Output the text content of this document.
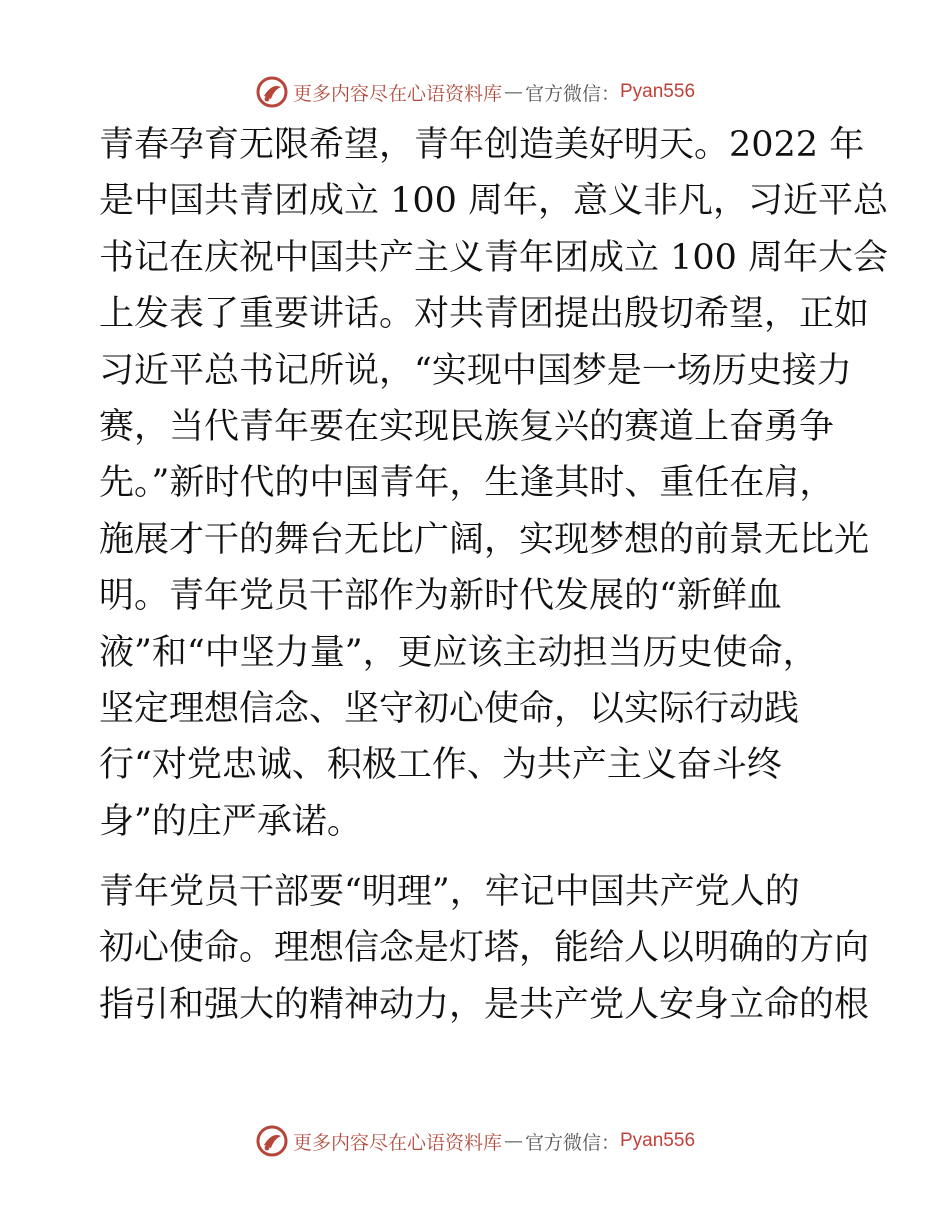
更多内容尽在心语资料库 — 官方微信： Pyan556
青春孕育无限希望，青年创造美好明天。2022 年
是中国共青团成立 100 周年，意义非凡，习近平总
书记在庆祝中国共产主义青年团成立 100 周年大会
上发表了重要讲话。对共青团提出殷切希望，正如
习近平总书记所说，“实现中国梦是一场历史接力
赛，当代青年要在实现民族复兴的赛道上奋勇争
先。”新时代的中国青年，生逢其时、重任在肩，
施展才干的舞台无比广阔，实现梦想的前景无比光
明。青年党员干部作为新时代发展的“新鲜血
液”和“中坚力量”，更应该主动担当历史使命，
坚定理想信念、坚守初心使命，以实际行动践
行“对党忠诚、积极工作、为共产主义奋斗终
身”的庄严承诺。
青年党员干部要“明理”，牢记中国共产党人的
初心使命。理想信念是灯塔，能给人以明确的方向
指引和强大的精神动力，是共产党人安身立命的根
更多内容尽在心语资料库 — 官方微信： Pyan556
